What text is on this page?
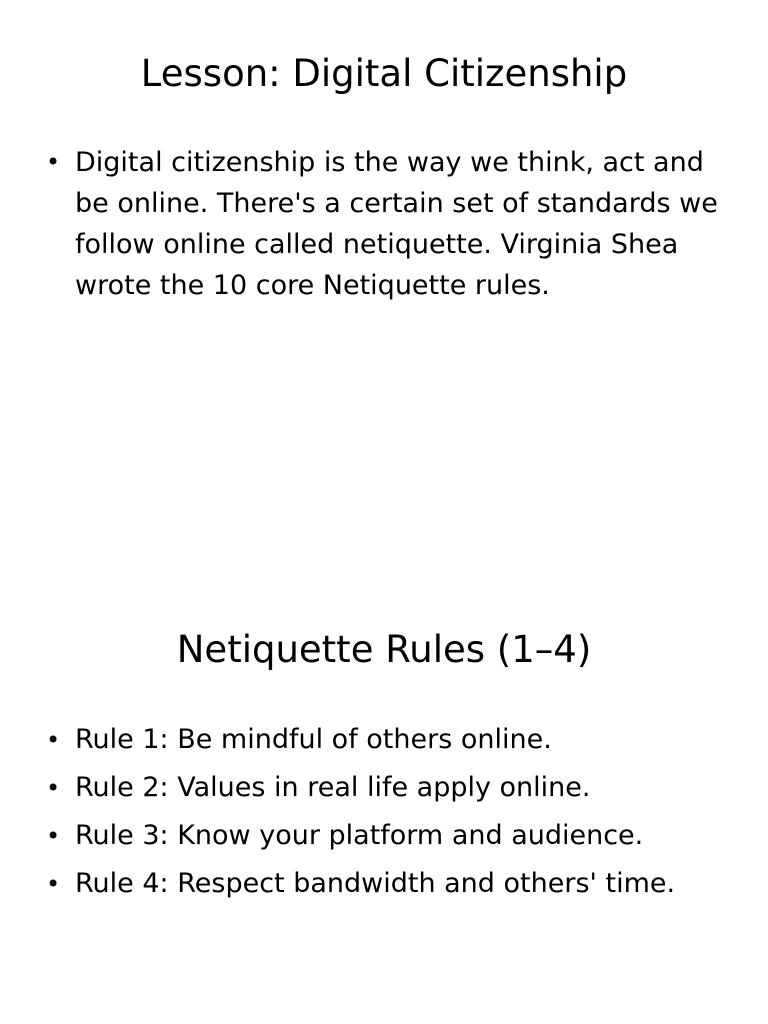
Lesson: Digital Citizenship
• Digital citizenship is the way we think, act and be online. There's a certain set of standards we follow online called netiquette. Virginia Shea wrote the 10 core Netiquette rules.
Netiquette Rules (1–4)
• Rule 1: Be mindful of others online.
• Rule 2: Values in real life apply online.
• Rule 3: Know your platform and audience.
• Rule 4: Respect bandwidth and others' time.
